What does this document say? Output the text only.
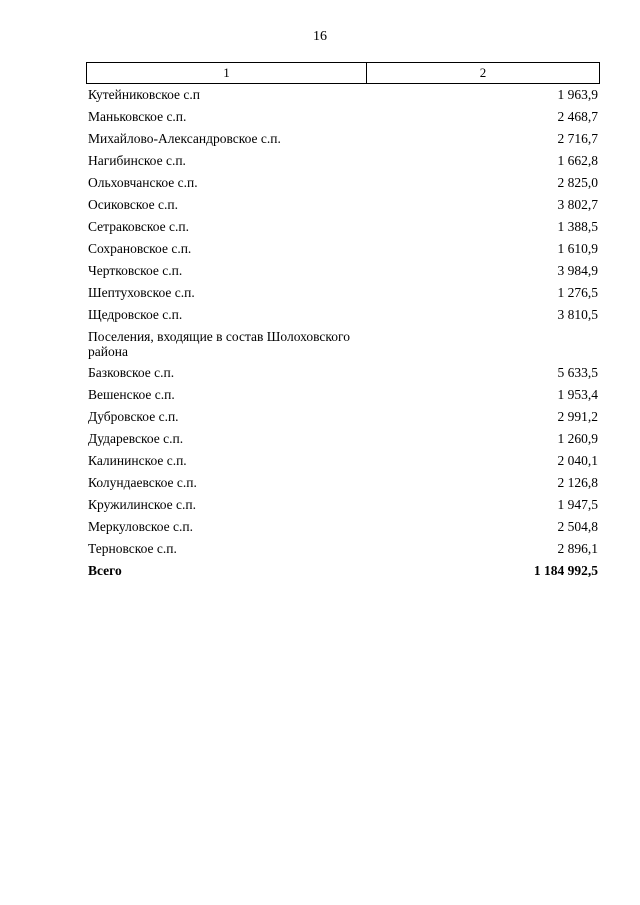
16
1	2
Кутейниковское с.п	1 963,9
Маньковское с.п.	2 468,7
Михайлово-Александровское с.п.	2 716,7
Нагибинское с.п.	1 662,8
Ольховчанское с.п.	2 825,0
Осиковское с.п.	3 802,7
Сетраковское с.п.	1 388,5
Сохрановское с.п.	1 610,9
Чертковское с.п.	3 984,9
Шептуховское с.п.	1 276,5
Щедровское с.п.	3 810,5
Поселения, входящие в состав Шолоховского района
Базковское с.п.	5 633,5
Вешенское с.п.	1 953,4
Дубровское с.п.	2 991,2
Дударевское с.п.	1 260,9
Калининское с.п.	2 040,1
Колундаевское с.п.	2 126,8
Кружилинское с.п.	1 947,5
Меркуловское с.п.	2 504,8
Терновское с.п.	2 896,1
Всего	1 184 992,5
